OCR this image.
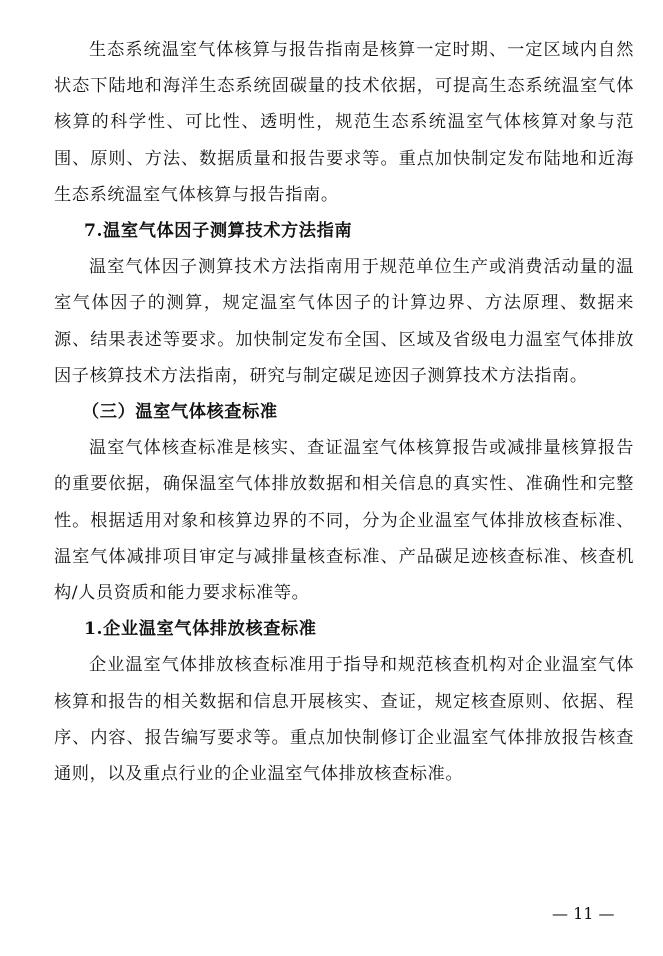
生态系统温室气体核算与报告指南是核算一定时期、一定区域内自然状态下陆地和海洋生态系统固碳量的技术依据，可提高生态系统温室气体核算的科学性、可比性、透明性，规范生态系统温室气体核算对象与范围、原则、方法、数据质量和报告要求等。重点加快制定发布陆地和近海生态系统温室气体核算与报告指南。

7.温室气体因子测算技术方法指南

温室气体因子测算技术方法指南用于规范单位生产或消费活动量的温室气体因子的测算，规定温室气体因子的计算边界、方法原理、数据来源、结果表述等要求。加快制定发布全国、区域及省级电力温室气体排放因子核算技术方法指南，研究与制定碳足迹因子测算技术方法指南。

（三）温室气体核查标准

温室气体核查标准是核实、查证温室气体核算报告或减排量核算报告的重要依据，确保温室气体排放数据和相关信息的真实性、准确性和完整性。根据适用对象和核算边界的不同，分为企业温室气体排放核查标准、温室气体减排项目审定与减排量核查标准、产品碳足迹核查标准、核查机构/人员资质和能力要求标准等。

1.企业温室气体排放核查标准

企业温室气体排放核查标准用于指导和规范核查机构对企业温室气体核算和报告的相关数据和信息开展核实、查证，规定核查原则、依据、程序、内容、报告编写要求等。重点加快制修订企业温室气体排放报告核查通则，以及重点行业的企业温室气体排放核查标准。

— 11 —
